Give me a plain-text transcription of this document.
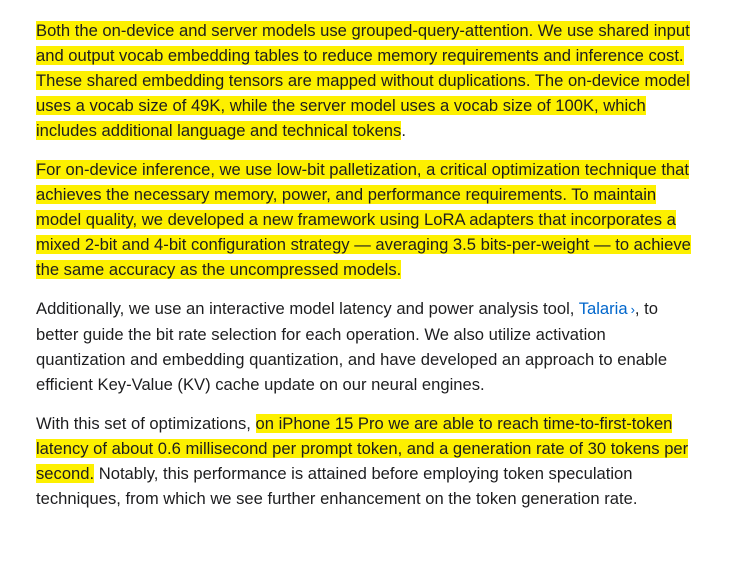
Both the on-device and server models use grouped-query-attention. We use shared input and output vocab embedding tables to reduce memory requirements and inference cost. These shared embedding tensors are mapped without duplications. The on-device model uses a vocab size of 49K, while the server model uses a vocab size of 100K, which includes additional language and technical tokens.

For on-device inference, we use low-bit palletization, a critical optimization technique that achieves the necessary memory, power, and performance requirements. To maintain model quality, we developed a new framework using LoRA adapters that incorporates a mixed 2-bit and 4-bit configuration strategy — averaging 3.5 bits-per-weight — to achieve the same accuracy as the uncompressed models.

Additionally, we use an interactive model latency and power analysis tool, Talaria ›, to better guide the bit rate selection for each operation. We also utilize activation quantization and embedding quantization, and have developed an approach to enable efficient Key-Value (KV) cache update on our neural engines.

With this set of optimizations, on iPhone 15 Pro we are able to reach time-to-first-token latency of about 0.6 millisecond per prompt token, and a generation rate of 30 tokens per second. Notably, this performance is attained before employing token speculation techniques, from which we see further enhancement on the token generation rate.
